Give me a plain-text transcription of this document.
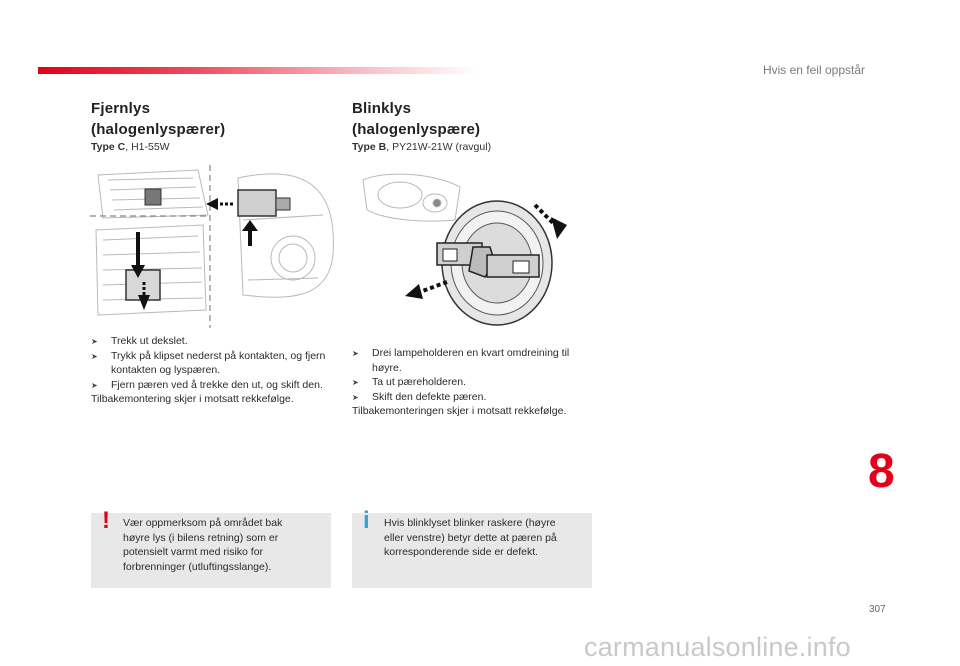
Hvis en feil oppstår
Fjernlys
(halogenlyspærer)
Type C, H1-55W
➤ Trekk ut dekslet.
➤ Trykk på klipset nederst på kontakten, og fjern kontakten og lyspæren.
➤ Fjern pæren ved å trekke den ut, og skift den.
Tilbakemontering skjer i motsatt rekkefølge.
! Vær oppmerksom på området bak høyre lys (i bilens retning) som er potensielt varmt med risiko for forbrenninger (utluftingsslange).
Blinklys
(halogenlyspære)
Type B, PY21W-21W (ravgul)
➤ Drei lampeholderen en kvart omdreining til høyre.
➤ Ta ut pæreholderen.
➤ Skift den defekte pæren.
Tilbakemonteringen skjer i motsatt rekkefølge.
i Hvis blinklyset blinker raskere (høyre eller venstre) betyr dette at pæren på korresponderende side er defekt.
8
307
carmanualsonline.info
